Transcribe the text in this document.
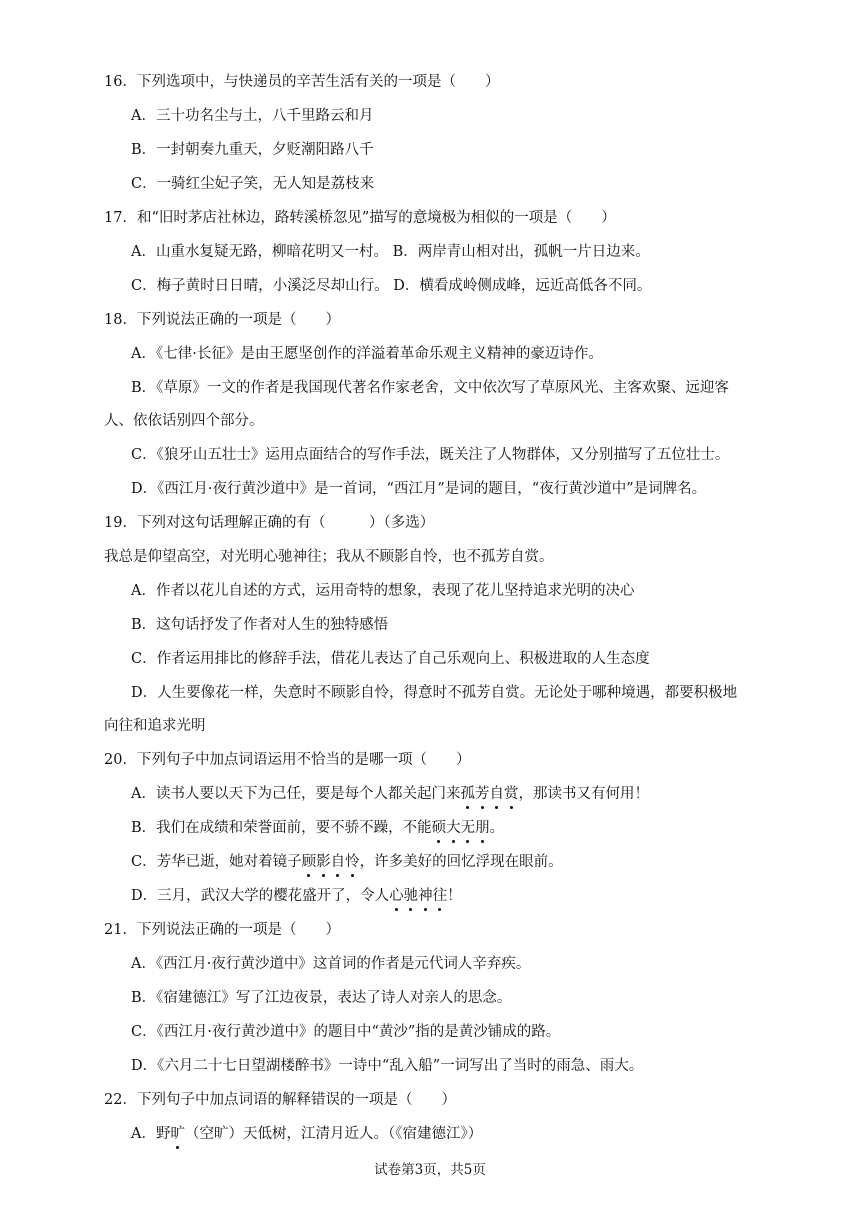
16．下列选项中，与快递员的辛苦生活有关的一项是（　　）
A．三十功名尘与土，八千里路云和月
B．一封朝奏九重天，夕贬潮阳路八千
C．一骑红尘妃子笑，无人知是荔枝来
17．和“旧时茅店社林边，路转溪桥忽见”描写的意境极为相似的一项是（　　）
A．山重水复疑无路，柳暗花明又一村。 B．两岸青山相对出，孤帆一片日边来。
C．梅子黄时日日晴，小溪泛尽却山行。 D．横看成岭侧成峰，远近高低各不同。
18．下列说法正确的一项是（　　）
A．《七律·长征》是由王愿坚创作的洋溢着革命乐观主义精神的豪迈诗作。
B．《草原》一文的作者是我国现代著名作家老舍，文中依次写了草原风光、主客欢聚、远迎客
人、依依话别四个部分。
C．《狼牙山五壮士》运用点面结合的写作手法，既关注了人物群体，又分别描写了五位壮士。
D．《西江月·夜行黄沙道中》是一首词，“西江月”是词的题目，“夜行黄沙道中”是词牌名。
19．下列对这句话理解正确的有（　　　）（多选）
我总是仰望高空，对光明心驰神往；我从不顾影自怜，也不孤芳自赏。
A．作者以花儿自述的方式，运用奇特的想象，表现了花儿坚持追求光明的决心
B．这句话抒发了作者对人生的独特感悟
C．作者运用排比的修辞手法，借花儿表达了自己乐观向上、积极进取的人生态度
D．人生要像花一样，失意时不顾影自怜，得意时不孤芳自赏。无论处于哪种境遇，都要积极地
向往和追求光明
20．下列句子中加点词语运用不恰当的是哪一项（　　）
A．读书人要以天下为己任，要是每个人都关起门来孤芳自赏，那读书又有何用！
B．我们在成绩和荣誉面前，要不骄不躁，不能硕大无朋。
C．芳华已逝，她对着镜子顾影自怜，许多美好的回忆浮现在眼前。
D．三月，武汉大学的樱花盛开了，令人心驰神往！
21．下列说法正确的一项是（　　）
A．《西江月·夜行黄沙道中》这首词的作者是元代词人辛弃疾。
B．《宿建德江》写了江边夜景，表达了诗人对亲人的思念。
C．《西江月·夜行黄沙道中》的题目中“黄沙”指的是黄沙铺成的路。
D．《六月二十七日望湖楼醉书》一诗中“乱入船”一词写出了当时的雨急、雨大。
22．下列句子中加点词语的解释错误的一项是（　　）
A．野旷（空旷）天低树，江清月近人。（《宿建德江》）
试卷第3页，共5页
